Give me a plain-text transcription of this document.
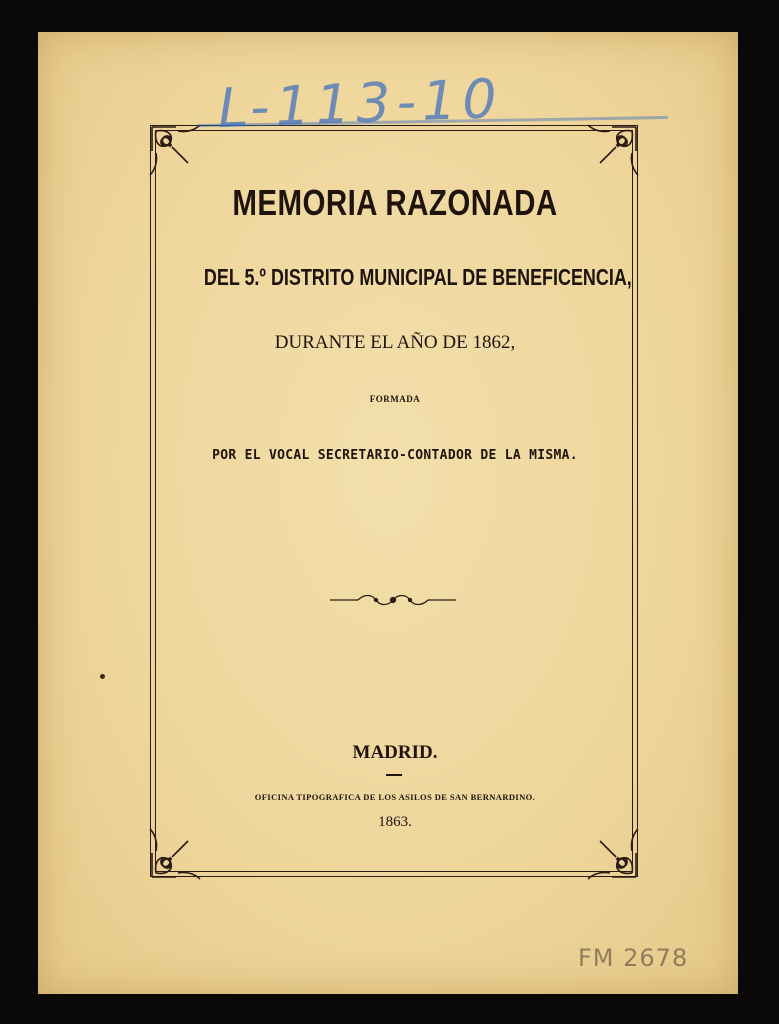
MEMORIA RAZONADA
DEL 5.º DISTRITO MUNICIPAL DE BENEFICENCIA,
DURANTE EL AÑO DE 1862,
FORMADA
POR EL VOCAL SECRETARIO-CONTADOR DE LA MISMA.
MADRID.
OFICINA TIPOGRAFICA DE LOS ASILOS DE SAN BERNARDINO.
1863.
L-113-10
FM 2678
